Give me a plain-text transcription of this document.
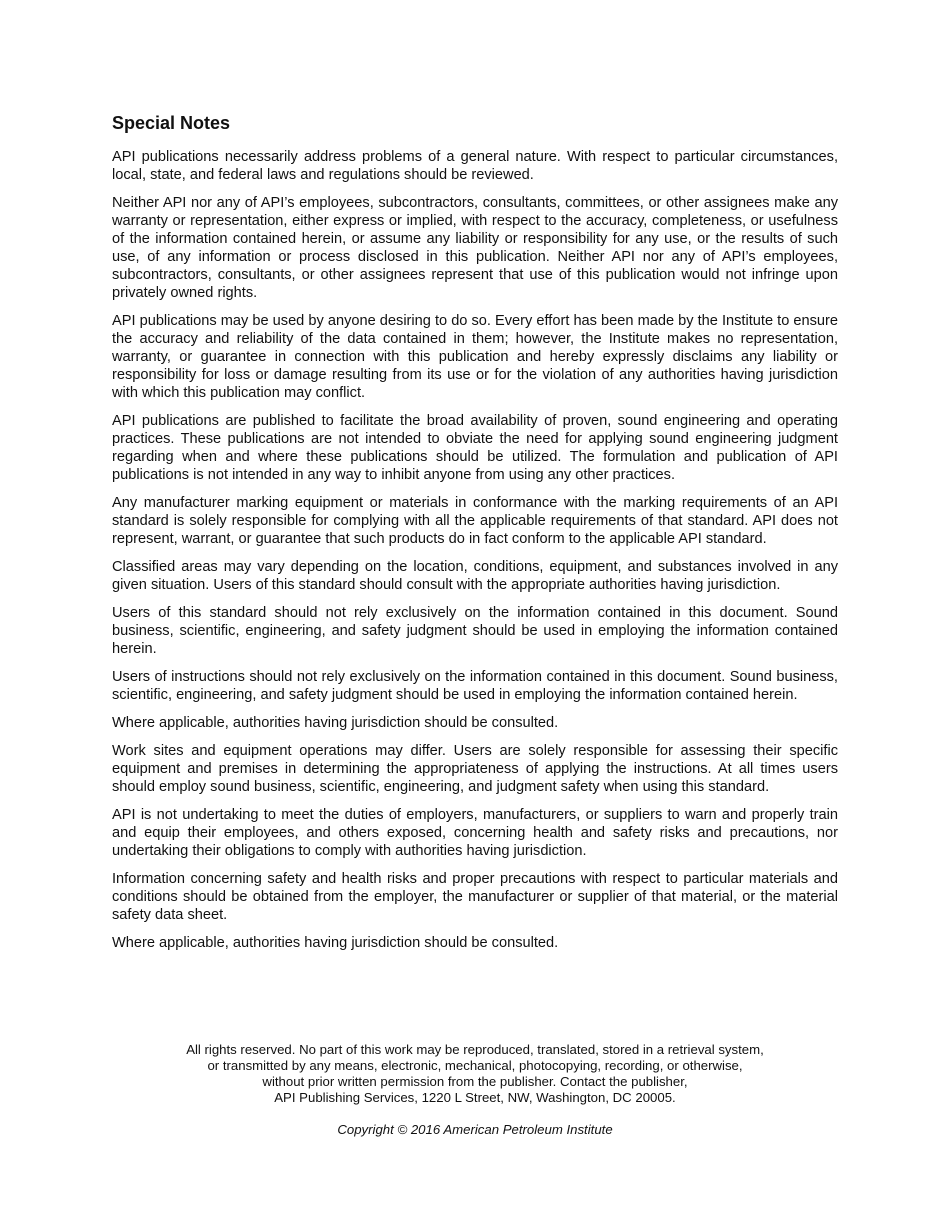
Special Notes

API publications necessarily address problems of a general nature. With respect to particular circumstances, local, state, and federal laws and regulations should be reviewed.

Neither API nor any of API’s employees, subcontractors, consultants, committees, or other assignees make any warranty or representation, either express or implied, with respect to the accuracy, completeness, or usefulness of the information contained herein, or assume any liability or responsibility for any use, or the results of such use, of any information or process disclosed in this publication. Neither API nor any of API’s employees, subcontractors, consultants, or other assignees represent that use of this publication would not infringe upon privately owned rights.

API publications may be used by anyone desiring to do so. Every effort has been made by the Institute to ensure the accuracy and reliability of the data contained in them; however, the Institute makes no representation, warranty, or guarantee in connection with this publication and hereby expressly disclaims any liability or responsibility for loss or damage resulting from its use or for the violation of any authorities having jurisdiction with which this publication may conflict.

API publications are published to facilitate the broad availability of proven, sound engineering and operating practices. These publications are not intended to obviate the need for applying sound engineering judgment regarding when and where these publications should be utilized. The formulation and publication of API publications is not intended in any way to inhibit anyone from using any other practices.

Any manufacturer marking equipment or materials in conformance with the marking requirements of an API standard is solely responsible for complying with all the applicable requirements of that standard. API does not represent, warrant, or guarantee that such products do in fact conform to the applicable API standard.

Classified areas may vary depending on the location, conditions, equipment, and substances involved in any given situation. Users of this standard should consult with the appropriate authorities having jurisdiction.

Users of this standard should not rely exclusively on the information contained in this document. Sound business, scientific, engineering, and safety judgment should be used in employing the information contained herein.

Users of instructions should not rely exclusively on the information contained in this document. Sound business, scientific, engineering, and safety judgment should be used in employing the information contained herein.

Where applicable, authorities having jurisdiction should be consulted.

Work sites and equipment operations may differ. Users are solely responsible for assessing their specific equipment and premises in determining the appropriateness of applying the instructions. At all times users should employ sound business, scientific, engineering, and judgment safety when using this standard.

API is not undertaking to meet the duties of employers, manufacturers, or suppliers to warn and properly train and equip their employees, and others exposed, concerning health and safety risks and precautions, nor undertaking their obligations to comply with authorities having jurisdiction.

Information concerning safety and health risks and proper precautions with respect to particular materials and conditions should be obtained from the employer, the manufacturer or supplier of that material, or the material safety data sheet.

Where applicable, authorities having jurisdiction should be consulted.

All rights reserved. No part of this work may be reproduced, translated, stored in a retrieval system,
or transmitted by any means, electronic, mechanical, photocopying, recording, or otherwise,
without prior written permission from the publisher. Contact the publisher,
API Publishing Services, 1220 L Street, NW, Washington, DC 20005.
Copyright © 2016 American Petroleum Institute
